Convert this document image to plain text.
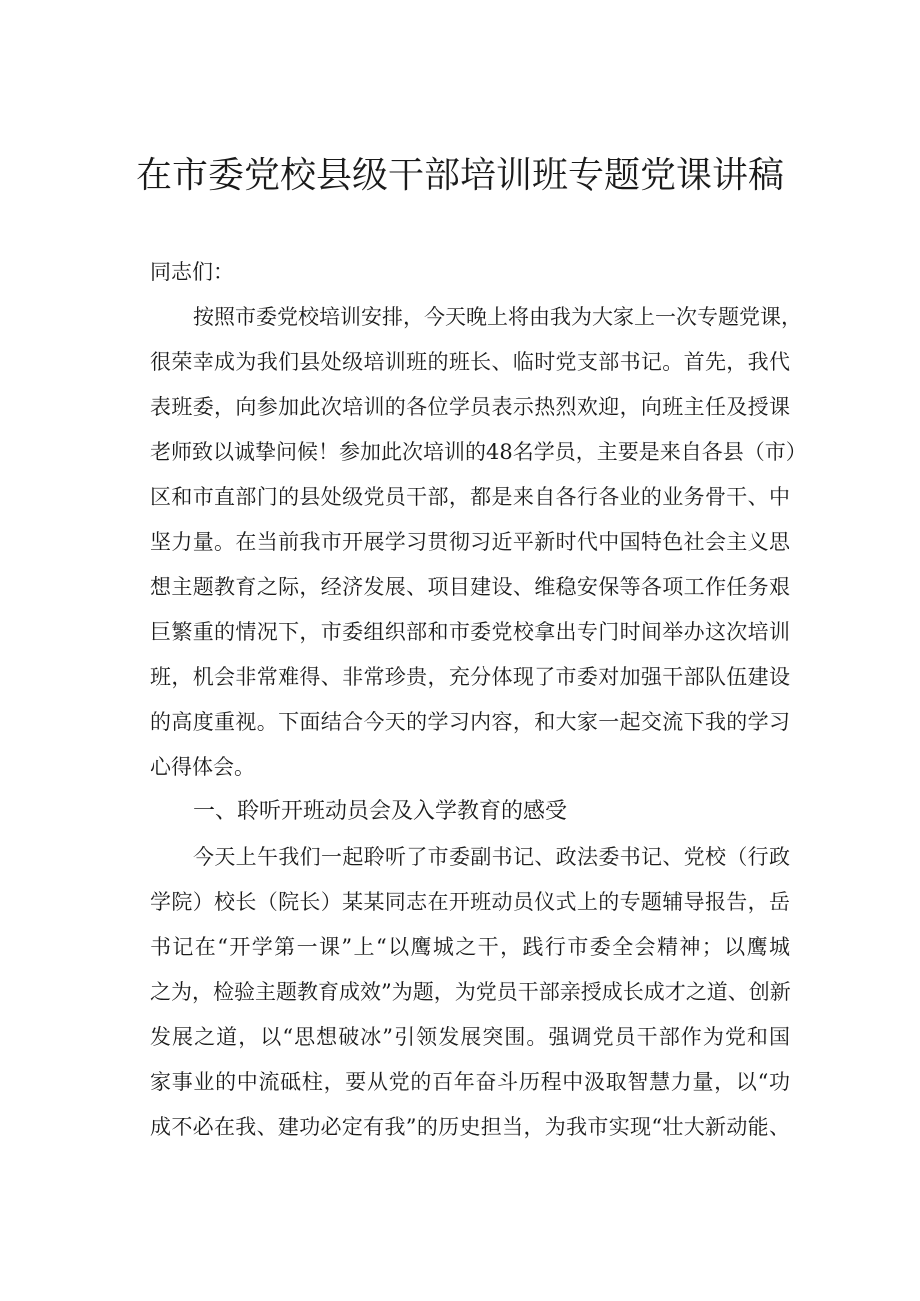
在市委党校县级干部培训班专题党课讲稿

同志们：

按照市委党校培训安排，今天晚上将由我为大家上一次专题党课，

很荣幸成为我们县处级培训班的班长、临时党支部书记。首先，我代

表班委，向参加此次培训的各位学员表示热烈欢迎，向班主任及授课

老师致以诚挚问候！参加此次培训的48名学员，主要是来自各县（市）

区和市直部门的县处级党员干部，都是来自各行各业的业务骨干、中

坚力量。在当前我市开展学习贯彻习近平新时代中国特色社会主义思

想主题教育之际，经济发展、项目建设、维稳安保等各项工作任务艰

巨繁重的情况下，市委组织部和市委党校拿出专门时间举办这次培训

班，机会非常难得、非常珍贵，充分体现了市委对加强干部队伍建设

的高度重视。下面结合今天的学习内容，和大家一起交流下我的学习

心得体会。

一、聆听开班动员会及入学教育的感受

今天上午我们一起聆听了市委副书记、政法委书记、党校（行政

学院）校长（院长）某某同志在开班动员仪式上的专题辅导报告，岳

书记在“开学第一课”上“以鹰城之干，践行市委全会精神；以鹰城

之为，检验主题教育成效”为题，为党员干部亲授成长成才之道、创新

发展之道，以“思想破冰”引领发展突围。强调党员干部作为党和国

家事业的中流砥柱，要从党的百年奋斗历程中汲取智慧力量，以“功

成不必在我、建功必定有我”的历史担当，为我市实现“壮大新动能、
